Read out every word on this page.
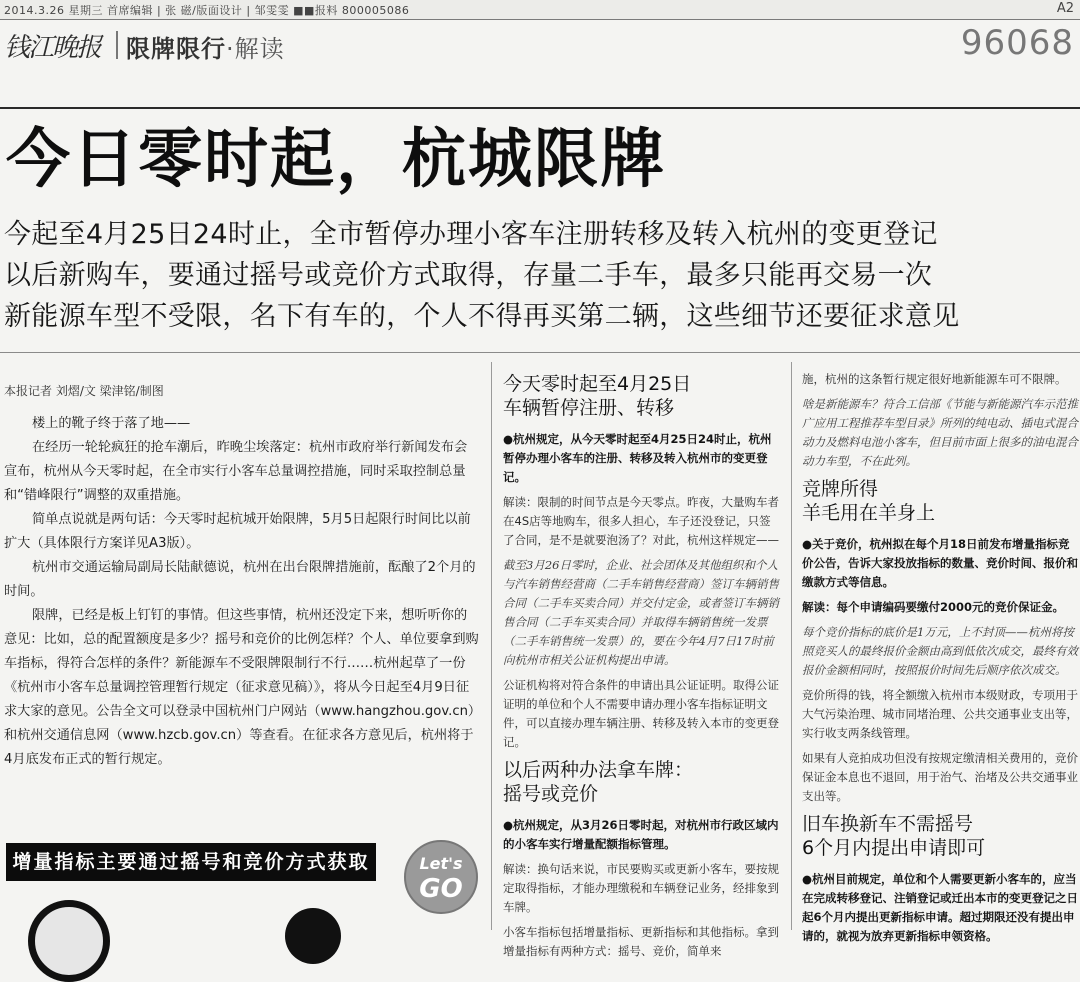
2014.3.26 星期三 首席编辑 | 张 磁/版面设计 | 邹雯雯 ■■报料 800005086	A2
钱江晚报 限牌限行·解读	96068
今日零时起，杭城限牌
今起至4月25日24时止，全市暂停办理小客车注册转移及转入杭州的变更登记
以后新购车，要通过摇号或竞价方式取得，存量二手车，最多只能再交易一次
新能源车型不受限，名下有车的，个人不得再买第二辆，这些细节还要征求意见
本报记者 刘熠/文 梁津铭/制图

楼上的靴子终于落了地——

在经历一轮轮疯狂的抢车潮后，昨晚尘埃落定：杭州市政府举行新闻发布会宣布，杭州从今天零时起，在全市实行小客车总量调控措施，同时采取控制总量和“错峰限行”调整的双重措施。

简单点说就是两句话：今天零时起杭城开始限牌，5月5日起限行时间比以前扩大（具体限行方案详见A3版）。

杭州市交通运输局副局长陆献德说，杭州在出台限牌措施前，酝酿了2个月的时间。

限牌，已经是板上钉钉的事情。但这些事情，杭州还没定下来，想听听你的意见：比如，总的配置额度是多少？摇号和竞价的比例怎样？个人、单位要拿到购车指标，得符合怎样的条件？新能源车不受限牌限制行不行……杭州起草了一份《杭州市小客车总量调控管理暂行规定（征求意见稿）》，将从今日起至4月9日征求大家的意见。公告全文可以登录中国杭州门户网站（www.hangzhou.gov.cn）和杭州交通信息网（www.hzcb.gov.cn）等查看。在征求各方意见后，杭州将于4月底发布正式的暂行规定。

今天零时起至4月25日
车辆暂停注册、转移

●杭州规定，从今天零时起至4月25日24时止，杭州暂停办理小客车的注册、转移及转入杭州市的变更登记。

解读：限制的时间节点是今天零点。昨夜，大量购车者在4S店等地购车，很多人担心，车子还没登记，只签了合同，是不是就要泡汤了？对此，杭州这样规定——

截至3月26日零时，企业、社会团体及其他组织和个人与汽车销售经营商（二手车销售经营商）签订车辆销售合同（二手车买卖合同）并交付定金，或者签订车辆销售合同（二手车买卖合同）并取得车辆销售统一发票（二手车销售统一发票）的，要在今年4月7日17时前向杭州市相关公证机构提出申请。

公证机构将对符合条件的申请出具公证证明。取得公证证明的单位和个人不需要申请办理小客车指标证明文件，可以直接办理车辆注册、转移及转入本市的变更登记。

以后两种办法拿车牌：
摇号或竞价

●杭州规定，从3月26日零时起，对杭州市行政区域内的小客车实行增量配额指标管理。

解读：换句话来说，市民要购买或更新小客车，要按规定取得指标，才能办理缴税和车辆登记业务，经排象到车牌。

小客车指标包括增量指标、更新指标和其他指标。拿到增量指标有两种方式：摇号、竞价，简单来

施，杭州的这条暂行规定很好地新能源车可不限牌。

啥是新能源车？符合工信部《节能与新能源汽车示范推广应用工程推荐车型目录》所列的纯电动、插电式混合动力及燃料电池小客车，但目前市面上很多的油电混合动力车型，不在此列。

竞牌所得
羊毛用在羊身上

●关于竞价，杭州拟在每个月18日前发布增量指标竞价公告，告诉大家投放指标的数量、竞价时间、报价和缴款方式等信息。

解读：每个申请编码要缴付2000元的竞价保证金。

每个竞价指标的底价是1万元，上不封顶——杭州将按照竞买人的最终报价金额由高到低依次成交，最终有效报价金额相同时，按照报价时间先后顺序依次成交。

竞价所得的钱，将全额缴入杭州市本级财政，专项用于大气污染治理、城市同堵治理、公共交通事业支出等，实行收支两条线管理。

如果有人竞拍成功但没有按规定缴清相关费用的，竞价保证金本息也不退回，用于治气、治堵及公共交通事业支出等。

旧车换新车不需摇号
6个月内提出申请即可

●杭州目前规定，单位和个人需要更新小客车的，应当在完成转移登记、注销登记或迁出本市的变更登记之日起6个月内提出更新指标申请。超过期限还没有提出申请的，就视为放弃更新指标申领资格。

增量指标主要通过摇号和竞价方式获取	Let's
GO
